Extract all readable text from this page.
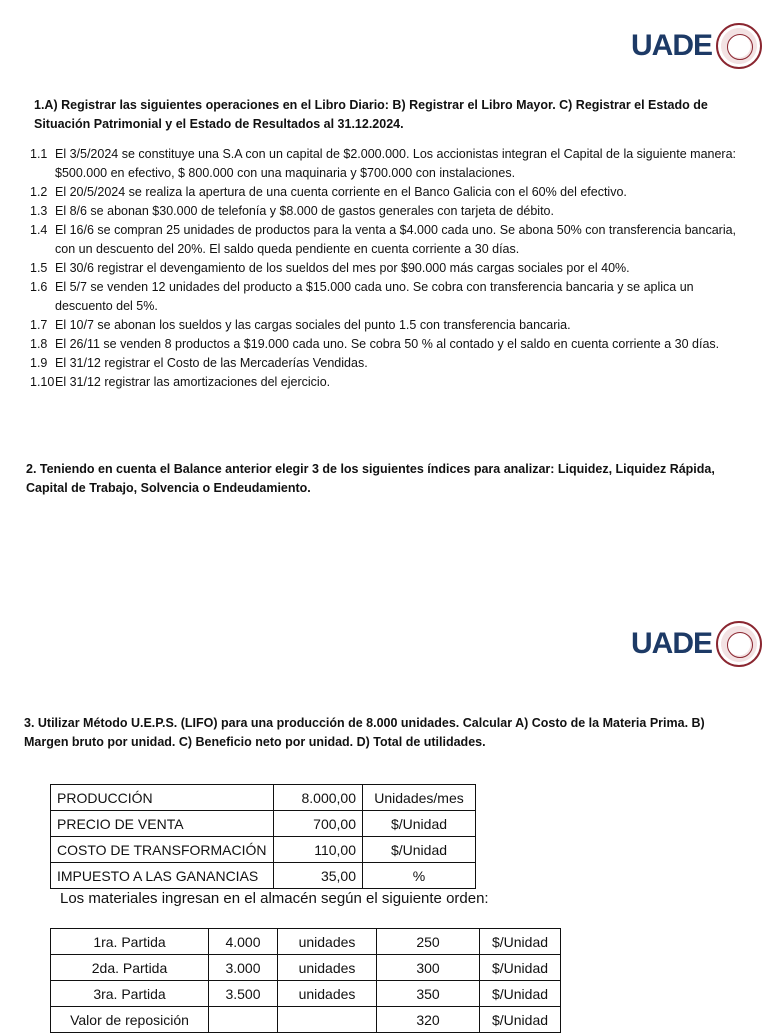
UADE
1.A) Registrar las siguientes operaciones en el Libro Diario: B) Registrar el Libro Mayor. C) Registrar el Estado de Situación Patrimonial y el Estado de Resultados al 31.12.2024.
1.1 El 3/5/2024 se constituye una S.A con un capital de $2.000.000. Los accionistas integran el Capital de la siguiente manera: $500.000 en efectivo, $ 800.000 con una maquinaria y $700.000 con instalaciones.
1.2 El 20/5/2024 se realiza la apertura de una cuenta corriente en el Banco Galicia con el 60% del efectivo.
1.3 El 8/6 se abonan $30.000 de telefonía y $8.000 de gastos generales con tarjeta de débito.
1.4 El 16/6 se compran 25 unidades de productos para la venta a $4.000 cada uno. Se abona 50% con transferencia bancaria, con un descuento del 20%. El saldo queda pendiente en cuenta corriente a 30 días.
1.5 El 30/6 registrar el devengamiento de los sueldos del mes por $90.000 más cargas sociales por el 40%.
1.6 El 5/7 se venden 12 unidades del producto a $15.000 cada uno. Se cobra con transferencia bancaria y se aplica un descuento del 5%.
1.7 El 10/7 se abonan los sueldos y las cargas sociales del punto 1.5 con transferencia bancaria.
1.8 El 26/11 se venden 8 productos a $19.000 cada uno. Se cobra 50 % al contado y el saldo en cuenta corriente a 30 días.
1.9 El 31/12 registrar el Costo de las Mercaderías Vendidas.
1.10 El 31/12 registrar las amortizaciones del ejercicio.
2. Teniendo en cuenta el Balance anterior elegir 3 de los siguientes índices para analizar: Liquidez, Liquidez Rápida, Capital de Trabajo, Solvencia o Endeudamiento.
UADE
3. Utilizar Método U.E.P.S. (LIFO) para una producción de 8.000 unidades. Calcular A) Costo de la Materia Prima. B) Margen bruto por unidad. C) Beneficio neto por unidad. D) Total de utilidades.
PRODUCCIÓN	8.000,00	Unidades/mes
PRECIO DE VENTA	700,00	$/Unidad
COSTO DE TRANSFORMACIÓN	110,00	$/Unidad
IMPUESTO A LAS GANANCIAS	35,00	%
Los materiales ingresan en el almacén según el siguiente orden:
1ra. Partida	4.000	unidades	250	$/Unidad
2da. Partida	3.000	unidades	300	$/Unidad
3ra. Partida	3.500	unidades	350	$/Unidad
Valor de reposición			320	$/Unidad
